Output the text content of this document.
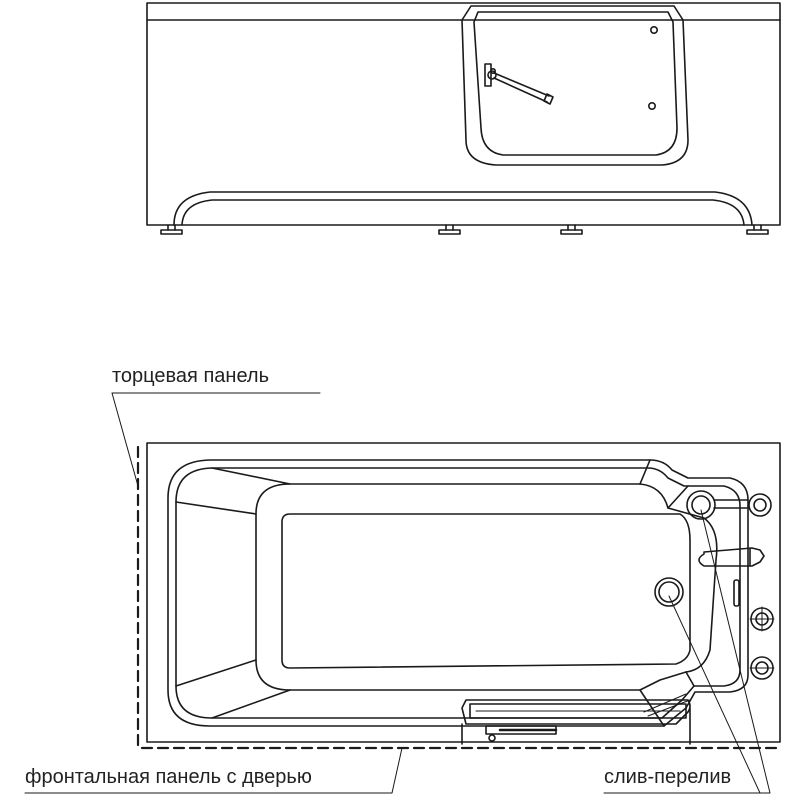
торцевая панель
фронтальная панель с дверью	слив-перелив
